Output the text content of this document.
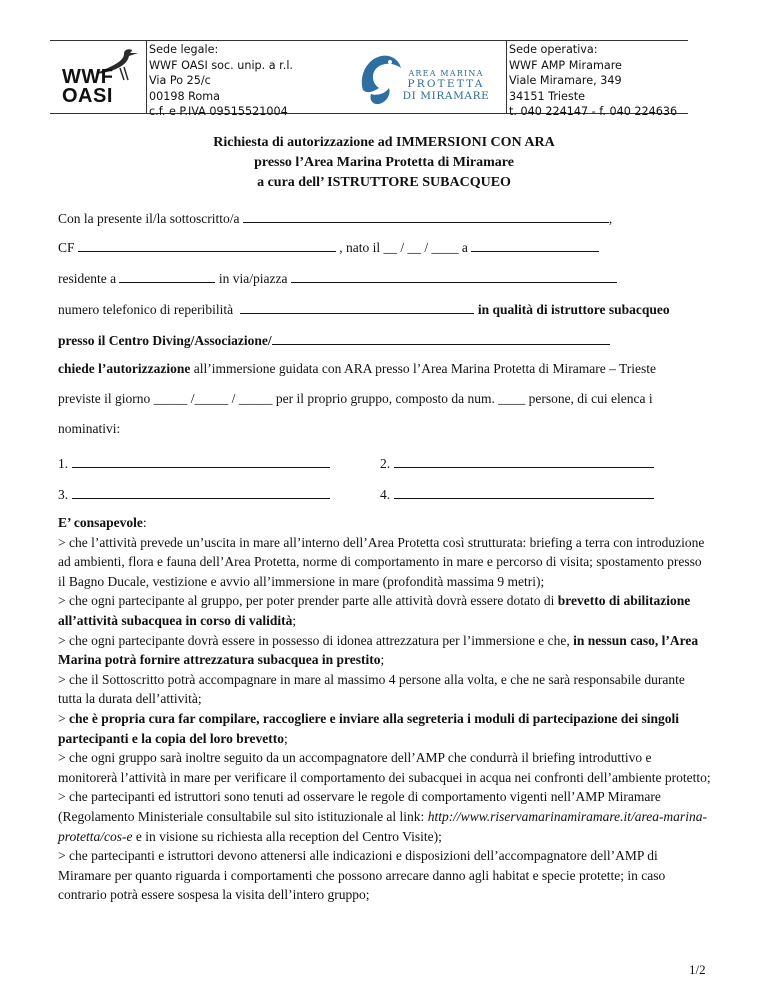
WWF OASI
Sede legale:
WWF OASI soc. unip. a r.l.
Via Po 25/c
00198 Roma
c.f. e P.IVA 09515521004
AREA MARINA
PROTETTA
DI MIRAMARE
Sede operativa:
WWF AMP Miramare
Viale Miramare, 349
34151 Trieste
t. 040 224147 - f. 040 224636
Richiesta di autorizzazione ad IMMERSIONI CON ARA
presso l’Area Marina Protetta di Miramare
a cura dell’ ISTRUTTORE SUBACQUEO
Con la presente il/la sottoscritto/a	,
CF	, nato il __ / __ / ____ a
residente a	in via/piazza
numero telefonico di reperibilità	in qualità di istruttore subacqueo
presso il Centro Diving/Associazione/
chiede l’autorizzazione all’immersione guidata con ARA presso l’Area Marina Protetta di Miramare – Trieste
previste il giorno _____ /_____ / _____ per il proprio gruppo, composto da num. ____ persone, di cui elenca i
nominativi:
1.	2.
3.	4.

E’ consapevole:

> che l’attività prevede un’uscita in mare all’interno dell’Area Protetta così strutturata: briefing a terra con introduzione ad ambienti, flora e fauna dell’Area Protetta, norme di comportamento in mare e percorso di visita; spostamento presso il Bagno Ducale, vestizione e avvio all’immersione in mare (profondità massima 9 metri);

> che ogni partecipante al gruppo, per poter prender parte alle attività dovrà essere dotato di brevetto di abilitazione all’attività subacquea in corso di validità;

> che ogni partecipante dovrà essere in possesso di idonea attrezzatura per l’immersione e che, in nessun caso, l’Area Marina potrà fornire attrezzatura subacquea in prestito;

> che il Sottoscritto potrà accompagnare in mare al massimo 4 persone alla volta, e che ne sarà responsabile durante tutta la durata dell’attività;

> che è propria cura far compilare, raccogliere e inviare alla segreteria i moduli di partecipazione dei singoli partecipanti e la copia del loro brevetto;

> che ogni gruppo sarà inoltre seguito da un accompagnatore dell’AMP che condurrà il briefing introduttivo e monitorerà l’attività in mare per verificare il comportamento dei subacquei in acqua nei confronti dell’ambiente protetto;

> che partecipanti ed istruttori sono tenuti ad osservare le regole di comportamento vigenti nell’AMP Miramare (Regolamento Ministeriale consultabile sul sito istituzionale al link: http://www.riservamarinamiramare.it/area-marina-protetta/cos-e e in visione su richiesta alla reception del Centro Visite);

> che partecipanti e istruttori devono attenersi alle indicazioni e disposizioni dell’accompagnatore dell’AMP di Miramare per quanto riguarda i comportamenti che possono arrecare danno agli habitat e specie protette; in caso contrario potrà essere sospesa la visita dell’intero gruppo;

1/2
